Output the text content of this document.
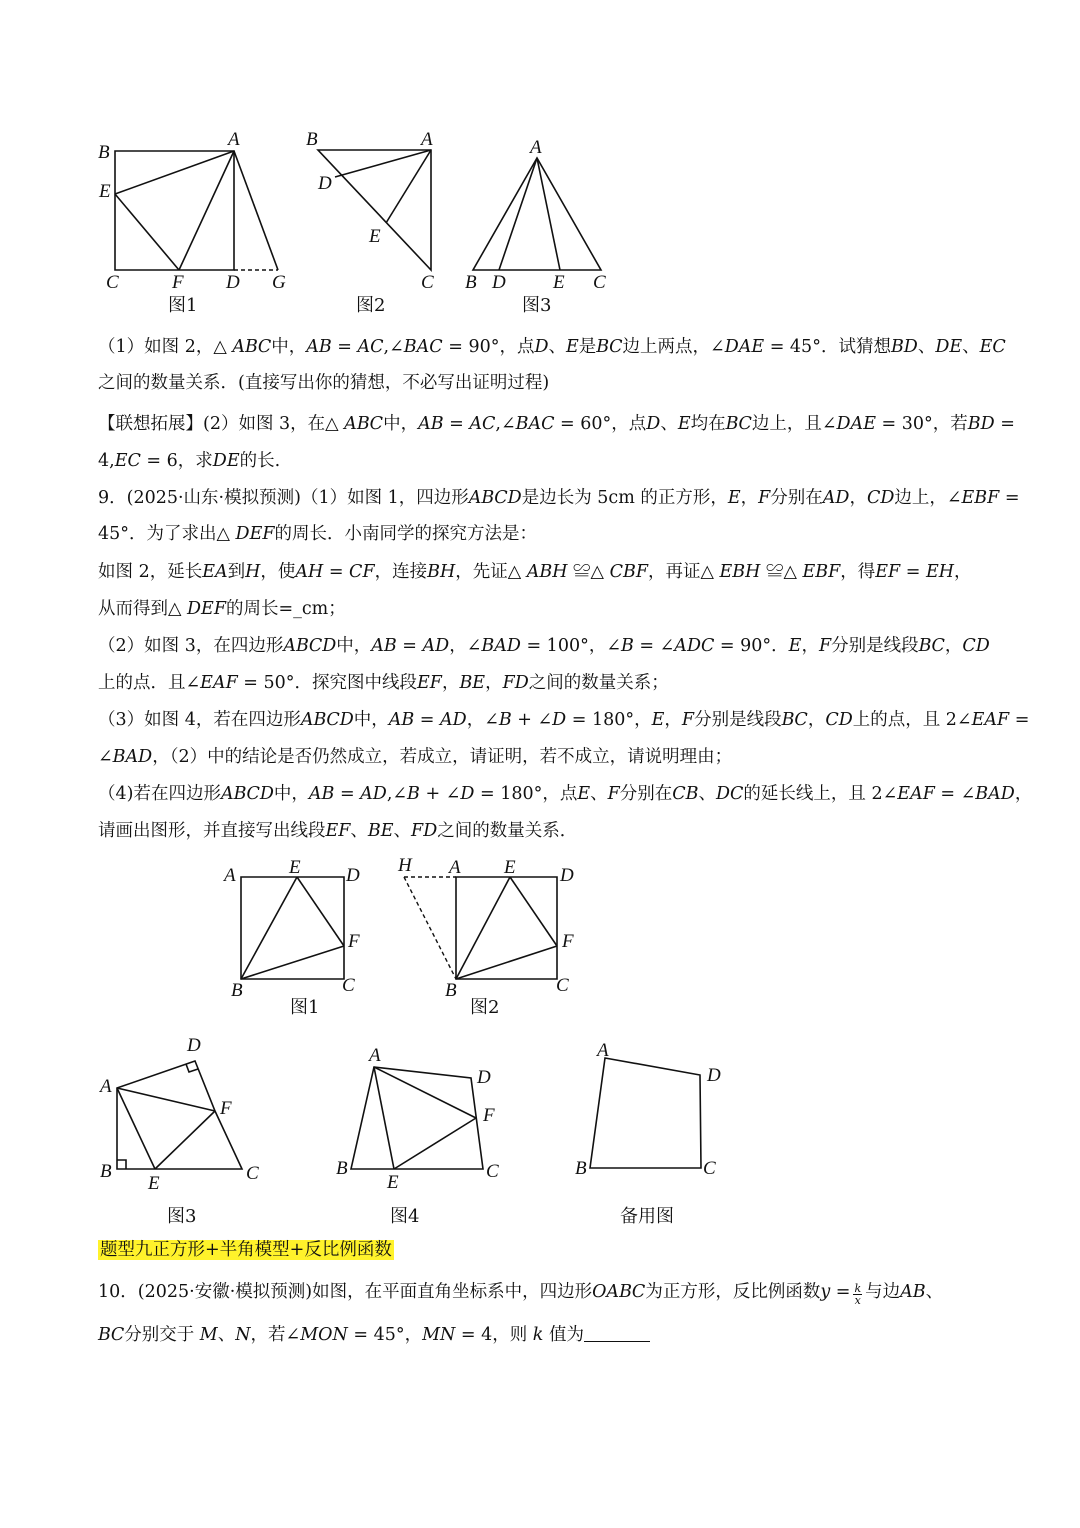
B
A
E
C	F D G
图1
B	A
D
E
C
图2
A
B D E C
图3
（1）如图 2，△ 𝐴𝐵𝐶中，𝐴𝐵 = 𝐴𝐶,∠𝐵𝐴𝐶 = 90°，点𝐷、𝐸是𝐵𝐶边上两点，∠𝐷𝐴𝐸 = 45°．试猜想𝐵𝐷、𝐷𝐸、𝐸𝐶
之间的数量关系．(直接写出你的猜想，不必写出证明过程)
【联想拓展】(2）如图 3，在△ 𝐴𝐵𝐶中，𝐴𝐵 = 𝐴𝐶,∠𝐵𝐴𝐶 = 60°，点𝐷、𝐸均在𝐵𝐶边上，且∠𝐷𝐴𝐸 = 30°，若𝐵𝐷 =
4,𝐸𝐶 = 6，求𝐷𝐸的长.
9．(2025·山东·模拟预测)（1）如图 1，四边形𝐴𝐵𝐶𝐷是边长为 5cm 的正方形，𝐸，𝐹分别在𝐴𝐷，𝐶𝐷边上，∠𝐸𝐵𝐹 =
45°．为了求出△ 𝐷𝐸𝐹的周长．小南同学的探究方法是：
如图 2，延长𝐸𝐴到𝐻，使𝐴𝐻 = 𝐶𝐹，连接𝐵𝐻，先证△ 𝐴𝐵𝐻 ≌△ 𝐶𝐵𝐹，再证△ 𝐸𝐵𝐻 ≌△ 𝐸𝐵𝐹，得𝐸𝐹 = 𝐸𝐻，
从而得到△ 𝐷𝐸𝐹的周长=_cm；
（2）如图 3，在四边形𝐴𝐵𝐶𝐷中，𝐴𝐵 = 𝐴𝐷，∠𝐵𝐴𝐷 = 100°，∠𝐵 = ∠𝐴𝐷𝐶 = 90°．𝐸，𝐹分别是线段𝐵𝐶，𝐶𝐷
上的点．且∠𝐸𝐴𝐹 = 50°．探究图中线段𝐸𝐹，𝐵𝐸，𝐹𝐷之间的数量关系；
（3）如图 4，若在四边形𝐴𝐵𝐶𝐷中，𝐴𝐵 = 𝐴𝐷，∠𝐵 + ∠𝐷 = 180°，𝐸，𝐹分别是线段𝐵𝐶，𝐶𝐷上的点，且 2∠𝐸𝐴𝐹 =
∠𝐵𝐴𝐷，（2）中的结论是否仍然成立，若成立，请证明，若不成立，请说明理由；
（4)若在四边形𝐴𝐵𝐶𝐷中，𝐴𝐵 = 𝐴𝐷,∠𝐵 + ∠𝐷 = 180°，点𝐸、𝐹分别在𝐶𝐵、𝐷𝐶的延长线上，且 2∠𝐸𝐴𝐹 = ∠𝐵𝐴𝐷，
请画出图形，并直接写出线段𝐸𝐹、𝐵𝐸、𝐹𝐷之间的数量关系．
A	E D
F
B	C
图1
H A E D
F
B	C
图2
D
A
F
B
E	C
图3
A
D
F
B
E
C
图4
A
D
B	C
备用图
题型九正方形+半角模型+反比例函数
10．(2025·安徽·模拟预测)如图，在平面直角坐标系中，四边形𝑂𝐴𝐵𝐶为正方形，反比例函数𝑦 = $\frac{k}{x}$ 与边𝐴𝐵、
𝐵𝐶分别交于 𝑀、𝑁，若∠𝑀𝑂𝑁 = 45°，𝑀𝑁 = 4，则 𝑘 值为
